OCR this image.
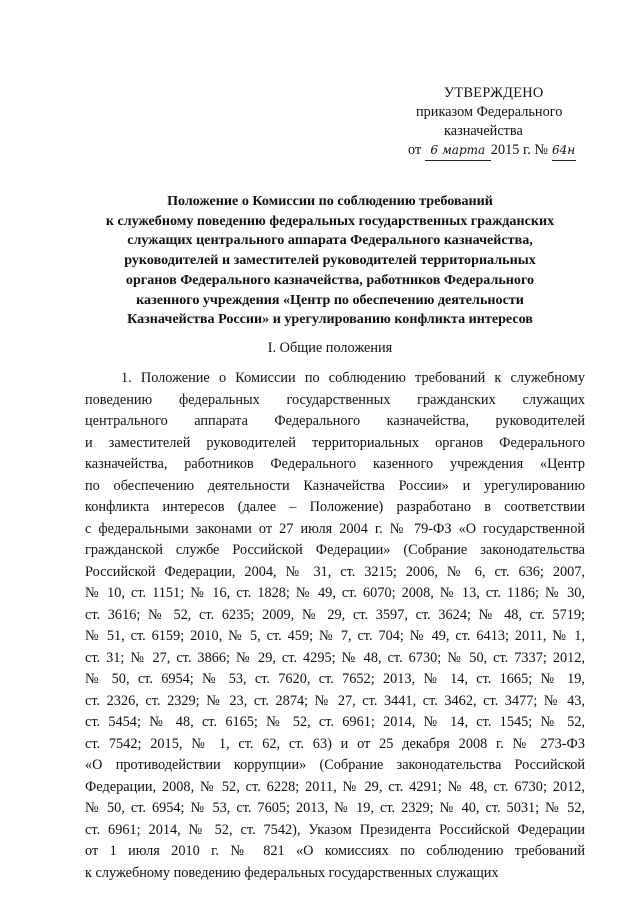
УТВЕРЖДЕНО
приказом Федерального
казначейства
от 6 марта 2015 г. № 64н
Положение о Комиссии по соблюдению требований
к служебному поведению федеральных государственных гражданских
служащих центрального аппарата Федерального казначейства,
руководителей и заместителей руководителей территориальных
органов Федерального казначейства, работников Федерального
казенного учреждения «Центр по обеспечению деятельности
Казначейства России» и урегулированию конфликта интересов
I. Общие положения
1. Положение о Комиссии по соблюдению требований к служебному
поведению федеральных государственных гражданских служащих
центрального аппарата Федерального казначейства, руководителей
и заместителей руководителей территориальных органов Федерального
казначейства, работников Федерального казенного учреждения «Центр
по обеспечению деятельности Казначейства России» и урегулированию
конфликта интересов (далее – Положение) разработано в соответствии
с федеральными законами от 27 июля 2004 г. № 79-ФЗ «О государственной
гражданской службе Российской Федерации» (Собрание законодательства
Российской Федерации, 2004, № 31, ст. 3215; 2006, № 6, ст. 636; 2007,
№ 10, ст. 1151; № 16, ст. 1828; № 49, ст. 6070; 2008, № 13, ст. 1186; № 30,
ст. 3616; № 52, ст. 6235; 2009, № 29, ст. 3597, ст. 3624; № 48, ст. 5719;
№ 51, ст. 6159; 2010, № 5, ст. 459; № 7, ст. 704; № 49, ст. 6413; 2011, № 1,
ст. 31; № 27, ст. 3866; № 29, ст. 4295; № 48, ст. 6730; № 50, ст. 7337; 2012,
№ 50, ст. 6954; № 53, ст. 7620, ст. 7652; 2013, № 14, ст. 1665; № 19,
ст. 2326, ст. 2329; № 23, ст. 2874; № 27, ст. 3441, ст. 3462, ст. 3477; № 43,
ст. 5454; № 48, ст. 6165; № 52, ст. 6961; 2014, № 14, ст. 1545; № 52,
ст. 7542; 2015, № 1, ст. 62, ст. 63) и от 25 декабря 2008 г. № 273-ФЗ
«О противодействии коррупции» (Собрание законодательства Российской
Федерации, 2008, № 52, ст. 6228; 2011, № 29, ст. 4291; № 48, ст. 6730; 2012,
№ 50, ст. 6954; № 53, ст. 7605; 2013, № 19, ст. 2329; № 40, ст. 5031; № 52,
ст. 6961; 2014, № 52, ст. 7542), Указом Президента Российской Федерации
от 1 июля 2010 г. № 821 «О комиссиях по соблюдению требований
к служебному поведению федеральных государственных служащих
